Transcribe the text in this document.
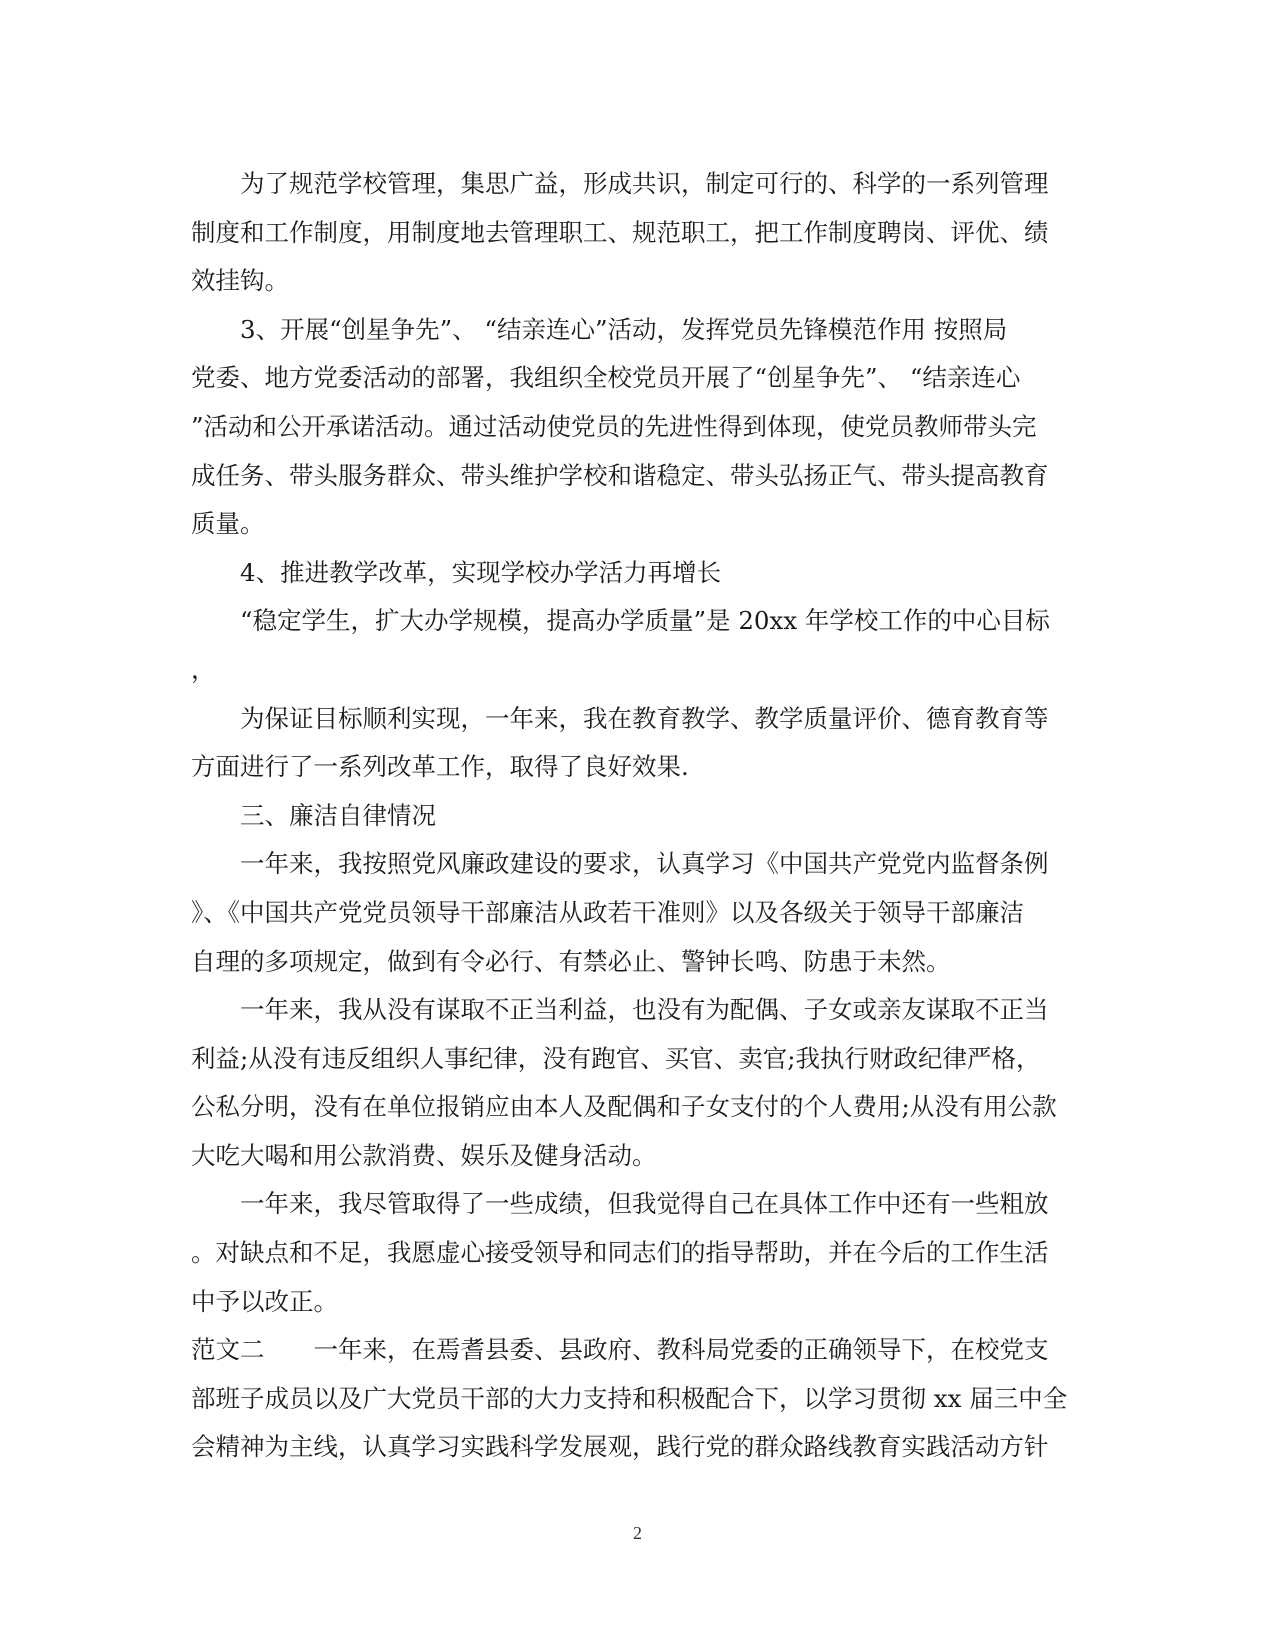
为了规范学校管理，集思广益，形成共识，制定可行的、科学的一系列管理
制度和工作制度，用制度地去管理职工、规范职工，把工作制度聘岗、评优、绩
效挂钩。
3、开展“创星争先”、 “结亲连心”活动，发挥党员先锋模范作用 按照局
党委、地方党委活动的部署，我组织全校党员开展了“创星争先”、 “结亲连心
”活动和公开承诺活动。通过活动使党员的先进性得到体现，使党员教师带头完
成任务、带头服务群众、带头维护学校和谐稳定、带头弘扬正气、带头提高教育
质量。
4、推进教学改革，实现学校办学活力再增长
“稳定学生，扩大办学规模，提高办学质量”是 20xx 年学校工作的中心目标
，
为保证目标顺利实现，一年来，我在教育教学、教学质量评价、德育教育等
方面进行了一系列改革工作，取得了良好效果.
三、廉洁自律情况
一年来，我按照党风廉政建设的要求，认真学习《中国共产党党内监督条例
》、《中国共产党党员领导干部廉洁从政若干准则》以及各级关于领导干部廉洁
自理的多项规定，做到有令必行、有禁必止、警钟长鸣、防患于未然。
一年来，我从没有谋取不正当利益，也没有为配偶、子女或亲友谋取不正当
利益;从没有违反组织人事纪律，没有跑官、买官、卖官;我执行财政纪律严格，
公私分明，没有在单位报销应由本人及配偶和子女支付的个人费用;从没有用公款
大吃大喝和用公款消费、娱乐及健身活动。
一年来，我尽管取得了一些成绩，但我觉得自己在具体工作中还有一些粗放
。对缺点和不足，我愿虚心接受领导和同志们的指导帮助，并在今后的工作生活
中予以改正。
范文二　　一年来，在焉耆县委、县政府、教科局党委的正确领导下，在校党支
部班子成员以及广大党员干部的大力支持和积极配合下，以学习贯彻 xx 届三中全
会精神为主线，认真学习实践科学发展观，践行党的群众路线教育实践活动方针
2
